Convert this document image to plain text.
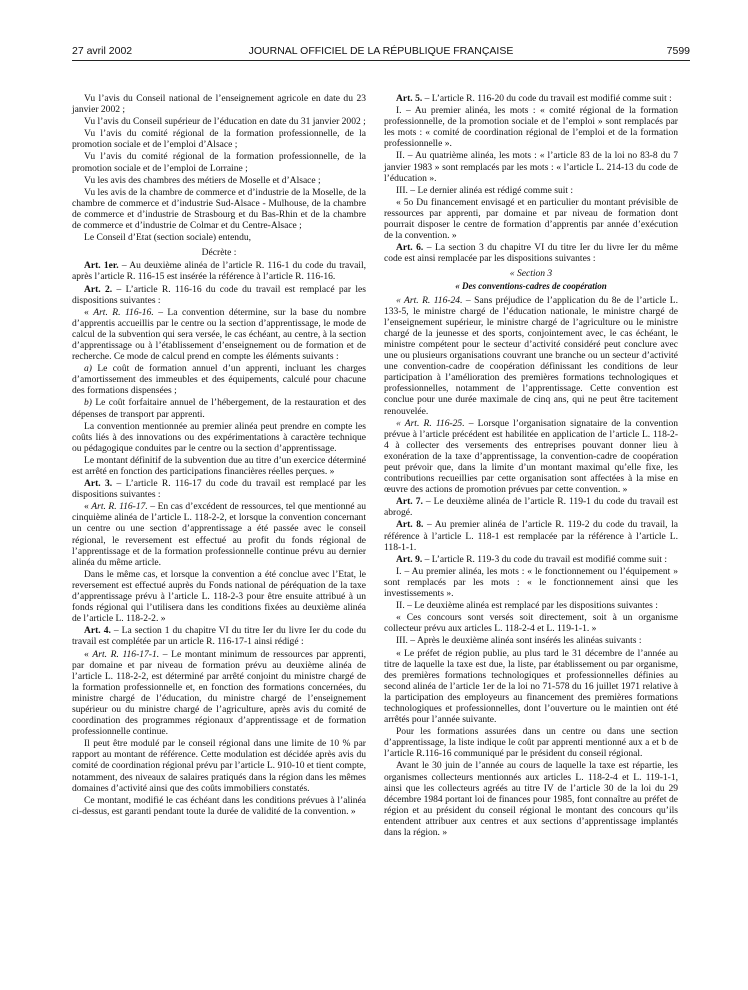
27 avril 2002	JOURNAL OFFICIEL DE LA RÉPUBLIQUE FRANÇAISE	7599

Vu l’avis du Conseil national de l’enseignement agricole en date du 23 janvier 2002 ;

Vu l’avis du Conseil supérieur de l’éducation en date du 31 janvier 2002 ;

Vu l’avis du comité régional de la formation professionnelle, de la promotion sociale et de l’emploi d’Alsace ;

Vu l’avis du comité régional de la formation professionnelle, de la promotion sociale et de l’emploi de Lorraine ;

Vu les avis des chambres des métiers de Moselle et d’Alsace ;

Vu les avis de la chambre de commerce et d’industrie de la Moselle, de la chambre de commerce et d’industrie Sud-Alsace - Mulhouse, de la chambre de commerce et d’industrie de Strasbourg et du Bas-Rhin et de la chambre de commerce et d’industrie de Colmar et du Centre-Alsace ;

Le Conseil d’Etat (section sociale) entendu,

Décrète :

Art. 1er. – Au deuxième alinéa de l’article R. 116-1 du code du travail, après l’article R. 116-15 est insérée la référence à l’article R. 116-16.

Art. 2. – L’article R. 116-16 du code du travail est remplacé par les dispositions suivantes :

« Art. R. 116-16. – La convention détermine, sur la base du nombre d’apprentis accueillis par le centre ou la section d’apprentissage, le mode de calcul de la subvention qui sera versée, le cas échéant, au centre, à la section d’apprentissage ou à l’établissement d’enseignement ou de formation et de recherche. Ce mode de calcul prend en compte les éléments suivants :

a) Le coût de formation annuel d’un apprenti, incluant les charges d’amortissement des immeubles et des équipements, calculé pour chacune des formations dispensées ;

b) Le coût forfaitaire annuel de l’hébergement, de la restauration et des dépenses de transport par apprenti.

La convention mentionnée au premier alinéa peut prendre en compte les coûts liés à des innovations ou des expérimentations à caractère technique ou pédagogique conduites par le centre ou la section d’apprentissage.

Le montant définitif de la subvention due au titre d’un exercice déterminé est arrêté en fonction des participations financières réelles perçues. »

Art. 3. – L’article R. 116-17 du code du travail est remplacé par les dispositions suivantes :

« Art. R. 116-17. – En cas d’excédent de ressources, tel que mentionné au cinquième alinéa de l’article L. 118-2-2, et lorsque la convention concernant un centre ou une section d’apprentissage a été passée avec le conseil régional, le reversement est effectué au profit du fonds régional de l’apprentissage et de la formation professionnelle continue prévu au dernier alinéa du même article.

Dans le même cas, et lorsque la convention a été conclue avec l’Etat, le reversement est effectué auprès du Fonds national de péréquation de la taxe d’apprentissage prévu à l’article L. 118-2-3 pour être ensuite attribué à un fonds régional qui l’utilisera dans les conditions fixées au deuxième alinéa de l’article L. 118-2-2. »

Art. 4. – La section 1 du chapitre VI du titre Ier du livre Ier du code du travail est complétée par un article R. 116-17-1 ainsi rédigé :

« Art. R. 116-17-1. – Le montant minimum de ressources par apprenti, par domaine et par niveau de formation prévu au deuxième alinéa de l’article L. 118-2-2, est déterminé par arrêté conjoint du ministre chargé de la formation professionnelle et, en fonction des formations concernées, du ministre chargé de l’éducation, du ministre chargé de l’enseignement supérieur ou du ministre chargé de l’agriculture, après avis du comité de coordination des programmes régionaux d’apprentissage et de formation professionnelle continue.

Il peut être modulé par le conseil régional dans une limite de 10 % par rapport au montant de référence. Cette modulation est décidée après avis du comité de coordination régional prévu par l’article L. 910-10 et tient compte, notamment, des niveaux de salaires pratiqués dans la région dans les mêmes domaines d’activité ainsi que des coûts immobiliers constatés.

Ce montant, modifié le cas échéant dans les conditions prévues à l’alinéa ci-dessus, est garanti pendant toute la durée de validité de la convention. »

Art. 5. – L’article R. 116-20 du code du travail est modifié comme suit :

I. – Au premier alinéa, les mots : « comité régional de la formation professionnelle, de la promotion sociale et de l’emploi » sont remplacés par les mots : « comité de coordination régional de l’emploi et de la formation professionnelle ».

II. – Au quatrième alinéa, les mots : « l’article 83 de la loi no 83-8 du 7 janvier 1983 » sont remplacés par les mots : « l’article L. 214-13 du code de l’éducation ».

III. – Le dernier alinéa est rédigé comme suit :

« 5o Du financement envisagé et en particulier du montant prévisible de ressources par apprenti, par domaine et par niveau de formation dont pourrait disposer le centre de formation d’apprentis par année d’exécution de la convention. »

Art. 6. – La section 3 du chapitre VI du titre Ier du livre Ier du même code est ainsi remplacée par les dispositions suivantes :

« Section 3

« Des conventions-cadres de coopération

« Art. R. 116-24. – Sans préjudice de l’application du 8e de l’article L. 133-5, le ministre chargé de l’éducation nationale, le ministre chargé de l’enseignement supérieur, le ministre chargé de l’agriculture ou le ministre chargé de la jeunesse et des sports, conjointement avec, le cas échéant, le ministre compétent pour le secteur d’activité considéré peut conclure avec une ou plusieurs organisations couvrant une branche ou un secteur d’activité une convention-cadre de coopération définissant les conditions de leur participation à l’amélioration des premières formations technologiques et professionnelles, notamment de l’apprentissage. Cette convention est conclue pour une durée maximale de cinq ans, qui ne peut être tacitement renouvelée.

« Art. R. 116-25. – Lorsque l’organisation signataire de la convention prévue à l’article précédent est habilitée en application de l’article L. 118-2-4 à collecter des versements des entreprises pouvant donner lieu à exonération de la taxe d’apprentissage, la convention-cadre de coopération peut prévoir que, dans la limite d’un montant maximal qu’elle fixe, les contributions recueillies par cette organisation sont affectées à la mise en œuvre des actions de promotion prévues par cette convention. »

Art. 7. – Le deuxième alinéa de l’article R. 119-1 du code du travail est abrogé.

Art. 8. – Au premier alinéa de l’article R. 119-2 du code du travail, la référence à l’article L. 118-1 est remplacée par la référence à l’article L. 118-1-1.

Art. 9. – L’article R. 119-3 du code du travail est modifié comme suit :

I. – Au premier alinéa, les mots : « le fonctionnement ou l’équipement » sont remplacés par les mots : « le fonctionnement ainsi que les investissements ».

II. – Le deuxième alinéa est remplacé par les dispositions suivantes :

« Ces concours sont versés soit directement, soit à un organisme collecteur prévu aux articles L. 118-2-4 et L. 119-1-1. »

III. – Après le deuxième alinéa sont insérés les alinéas suivants :

« Le préfet de région publie, au plus tard le 31 décembre de l’année au titre de laquelle la taxe est due, la liste, par établissement ou par organisme, des premières formations technologiques et professionnelles définies au second alinéa de l’article 1er de la loi no 71-578 du 16 juillet 1971 relative à la participation des employeurs au financement des premières formations technologiques et professionnelles, dont l’ouverture ou le maintien ont été arrêtés pour l’année suivante.

Pour les formations assurées dans un centre ou dans une section d’apprentissage, la liste indique le coût par apprenti mentionné aux a et b de l’article R.116-16 communiqué par le président du conseil régional.

Avant le 30 juin de l’année au cours de laquelle la taxe est répartie, les organismes collecteurs mentionnés aux articles L. 118-2-4 et L. 119-1-1, ainsi que les collecteurs agréés au titre IV de l’article 30 de la loi du 29 décembre 1984 portant loi de finances pour 1985, font connaître au préfet de région et au président du conseil régional le montant des concours qu’ils entendent attribuer aux centres et aux sections d’apprentissage implantés dans la région. »
